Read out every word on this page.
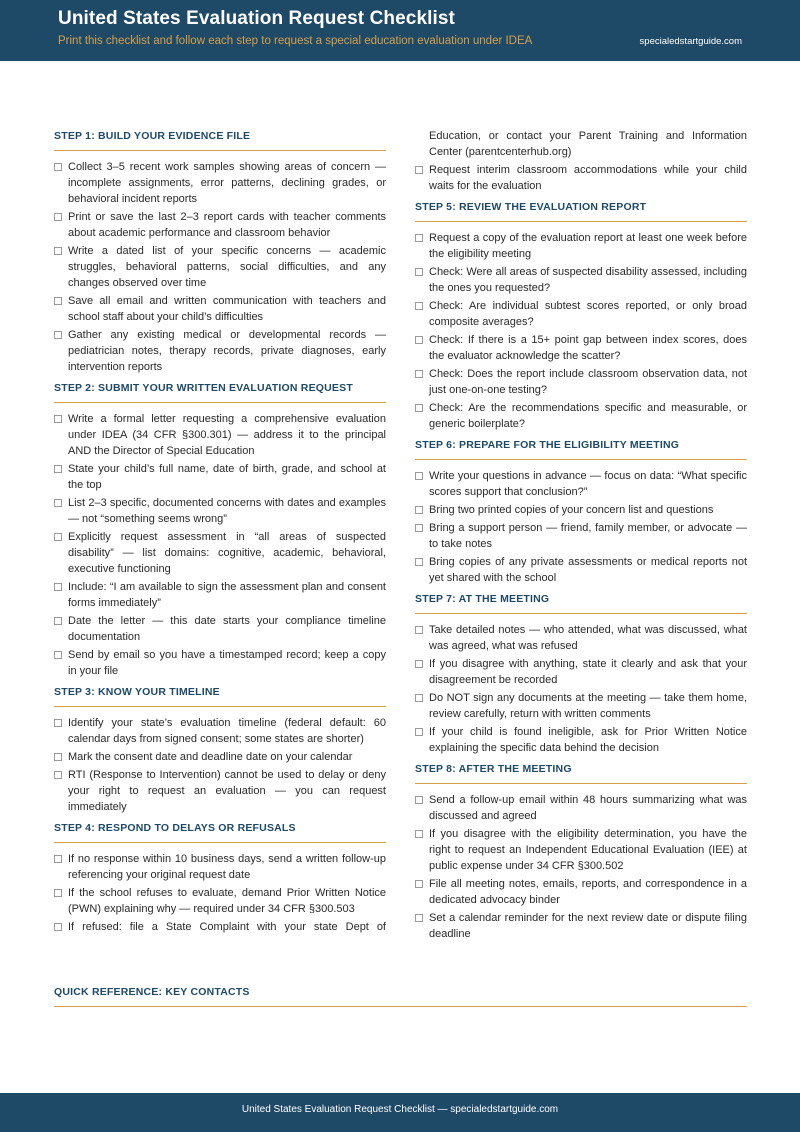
United States Evaluation Request Checklist
Print this checklist and follow each step to request a special education evaluation under IDEA	specialedstartguide.com
STEP 1: BUILD YOUR EVIDENCE FILE
Collect 3–5 recent work samples showing areas of concern — incomplete assignments, error patterns, declining grades, or behavioral incident reports
Print or save the last 2–3 report cards with teacher comments about academic performance and classroom behavior
Write a dated list of your specific concerns — academic struggles, behavioral patterns, social difficulties, and any changes observed over time
Save all email and written communication with teachers and school staff about your child’s difficulties
Gather any existing medical or developmental records — pediatrician notes, therapy records, private diagnoses, early intervention reports
STEP 2: SUBMIT YOUR WRITTEN EVALUATION REQUEST
Write a formal letter requesting a comprehensive evaluation under IDEA (34 CFR §300.301) — address it to the principal AND the Director of Special Education
State your child’s full name, date of birth, grade, and school at the top
List 2–3 specific, documented concerns with dates and examples — not “something seems wrong”
Explicitly request assessment in “all areas of suspected disability” — list domains: cognitive, academic, behavioral, executive functioning
Include: “I am available to sign the assessment plan and consent forms immediately”
Date the letter — this date starts your compliance timeline documentation
Send by email so you have a timestamped record; keep a copy in your file
STEP 3: KNOW YOUR TIMELINE
Identify your state’s evaluation timeline (federal default: 60 calendar days from signed consent; some states are shorter)
Mark the consent date and deadline date on your calendar
RTI (Response to Intervention) cannot be used to delay or deny your right to request an evaluation — you can request immediately
STEP 4: RESPOND TO DELAYS OR REFUSALS
If no response within 10 business days, send a written follow-up referencing your original request date
If the school refuses to evaluate, demand Prior Written Notice (PWN) explaining why — required under 34 CFR §300.503
If refused: file a State Complaint with your state Dept of
Education, or contact your Parent Training and Information Center (parentcenterhub.org)
Request interim classroom accommodations while your child waits for the evaluation
STEP 5: REVIEW THE EVALUATION REPORT
Request a copy of the evaluation report at least one week before the eligibility meeting
Check: Were all areas of suspected disability assessed, including the ones you requested?
Check: Are individual subtest scores reported, or only broad composite averages?
Check: If there is a 15+ point gap between index scores, does the evaluator acknowledge the scatter?
Check: Does the report include classroom observation data, not just one-on-one testing?
Check: Are the recommendations specific and measurable, or generic boilerplate?
STEP 6: PREPARE FOR THE ELIGIBILITY MEETING
Write your questions in advance — focus on data: “What specific scores support that conclusion?”
Bring two printed copies of your concern list and questions
Bring a support person — friend, family member, or advocate — to take notes
Bring copies of any private assessments or medical reports not yet shared with the school
STEP 7: AT THE MEETING
Take detailed notes — who attended, what was discussed, what was agreed, what was refused
If you disagree with anything, state it clearly and ask that your disagreement be recorded
Do NOT sign any documents at the meeting — take them home, review carefully, return with written comments
If your child is found ineligible, ask for Prior Written Notice explaining the specific data behind the decision
STEP 8: AFTER THE MEETING
Send a follow-up email within 48 hours summarizing what was discussed and agreed
If you disagree with the eligibility determination, you have the right to request an Independent Educational Evaluation (IEE) at public expense under 34 CFR §300.502
File all meeting notes, emails, reports, and correspondence in a dedicated advocacy binder
Set a calendar reminder for the next review date or dispute filing deadline
QUICK REFERENCE: KEY CONTACTS
United States Evaluation Request Checklist — specialedstartguide.com
